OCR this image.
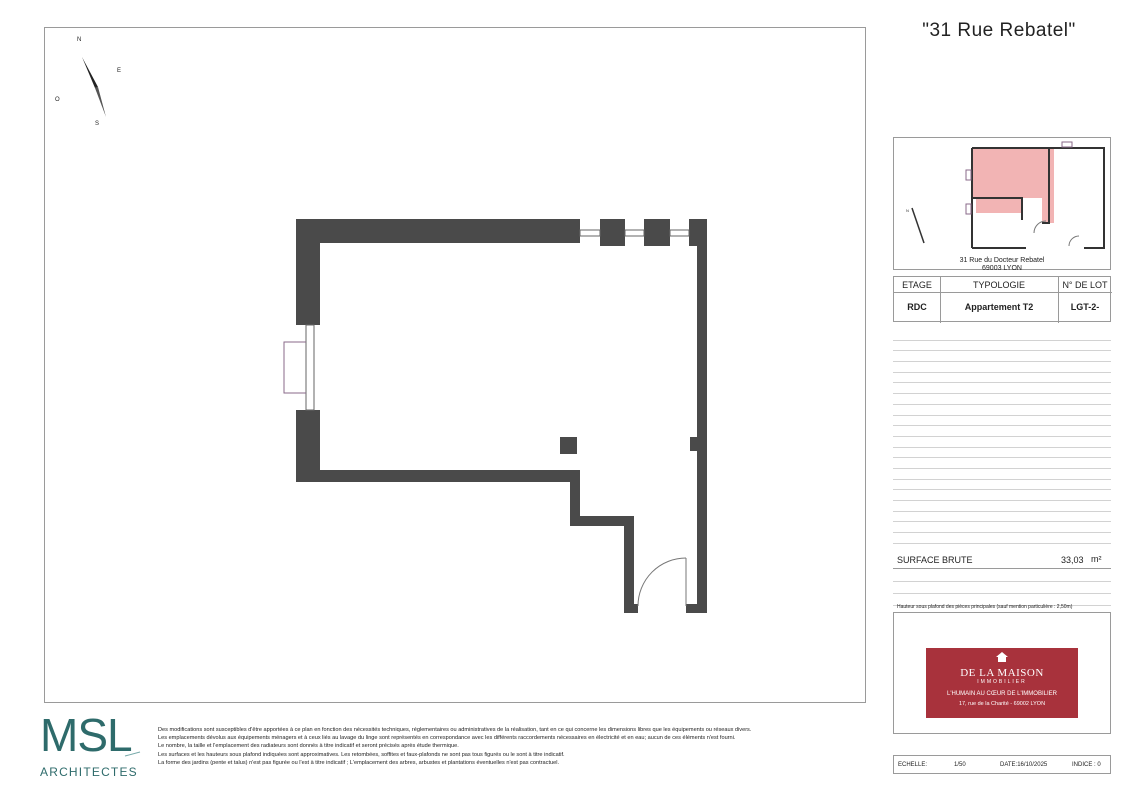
N
E
O
S
"31 Rue Rebatel"
N
31 Rue du Docteur Rebatel
69003 LYON
ETAGE	TYPOLOGIE	N° DE LOT
RDC	Appartement T2	LGT-2-
SURFACE BRUTE	33,03 m²
Hauteur sous plafond des pièces principales (sauf mention particulière : 2,50m)
DE LA MAISON
IMMOBILIER
L'HUMAIN AU CŒUR DE L'IMMOBILIER
17, rue de la Charité - 69002 LYON
ECHELLE:	1/50	DATE:16/10/2025	INDICE : 0
MSL
ARCHITECTES
Des modifications sont susceptibles d'être apportées à ce plan en fonction des nécessités techniques, réglementaires ou administratives de la réalisation, tant en ce qui concerne les dimensions libres que les équipements ou réseaux divers.
Les emplacements dévolus aux équipements ménagers et à ceux liés au lavage du linge sont représentés en correspondance avec les différents raccordements nécessaires en électricité et en eau; aucun de ces éléments n'est fourni.
Le nombre, la taille et l'emplacement des radiateurs sont donnés à titre indicatif et seront précisés après étude thermique.
Les surfaces et les hauteurs sous plafond indiquées sont approximatives. Les retombées, soffites et faux-plafonds ne sont pas tous figurés ou le sont à titre indicatif.
La forme des jardins (pente et talus) n'est pas figurée ou l'est à titre indicatif ; L'emplacement des arbres, arbustes et plantations éventuelles n'est pas contractuel.
